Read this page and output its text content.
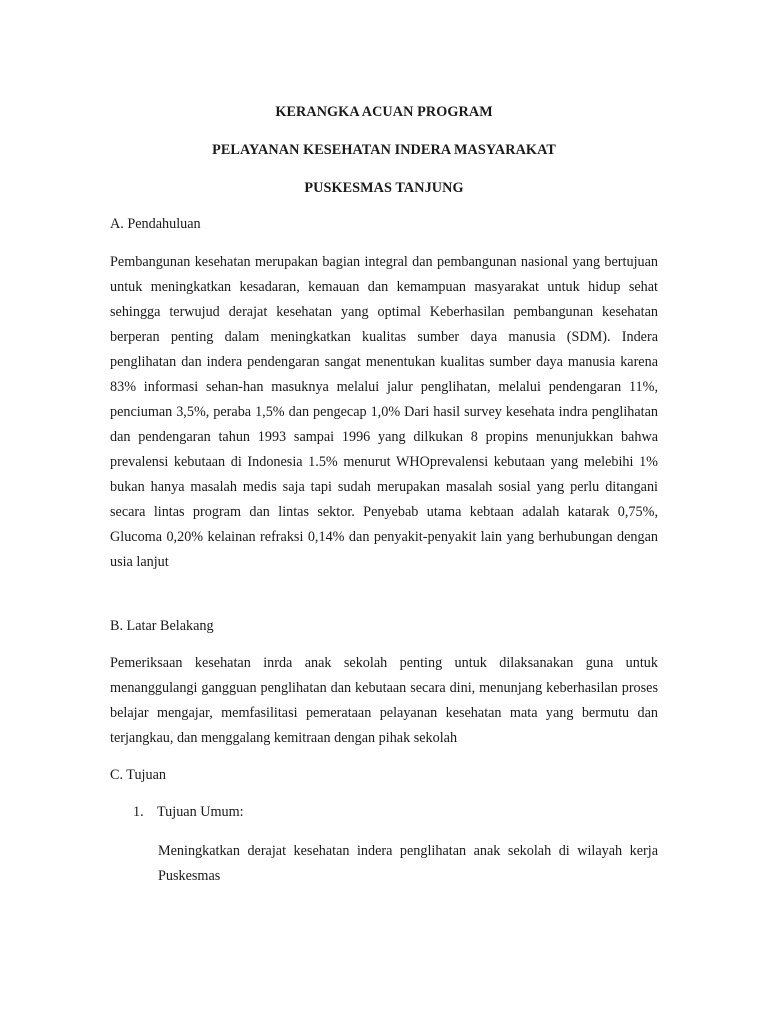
KERANGKA ACUAN PROGRAM
PELAYANAN KESEHATAN INDERA MASYARAKAT
PUSKESMAS TANJUNG
A. Pendahuluan

Pembangunan kesehatan merupakan bagian integral dan pembangunan nasional yang bertujuan untuk meningkatkan kesadaran, kemauan dan kemampuan masyarakat untuk hidup sehat sehingga terwujud derajat kesehatan yang optimal Keberhasilan pembangunan kesehatan berperan penting dalam meningkatkan kualitas sumber daya manusia (SDM). Indera penglihatan dan indera pendengaran sangat menentukan kualitas sumber daya manusia karena 83% informasi sehan-han masuknya melalui jalur penglihatan, melalui pendengaran 11%, penciuman 3,5%, peraba 1,5% dan pengecap 1,0% Dari hasil survey kesehata indra penglihatan dan pendengaran tahun 1993 sampai 1996 yang dilkukan 8 propins menunjukkan bahwa prevalensi kebutaan di Indonesia 1.5% menurut WHOprevalensi kebutaan yang melebihi 1% bukan hanya masalah medis saja tapi sudah merupakan masalah sosial yang perlu ditangani secara lintas program dan lintas sektor. Penyebab utama kebtaan adalah katarak 0,75%, Glucoma 0,20% kelainan refraksi 0,14% dan penyakit-penyakit lain yang berhubungan dengan usia lanjut

B. Latar Belakang

Pemeriksaan kesehatan inrda anak sekolah penting untuk dilaksanakan guna untuk menanggulangi gangguan penglihatan dan kebutaan secara dini, menunjang keberhasilan proses belajar mengajar, memfasilitasi pemerataan pelayanan kesehatan mata yang bermutu dan terjangkau, dan menggalang kemitraan dengan pihak sekolah

C. Tujuan
1. Tujuan Umum:

Meningkatkan derajat kesehatan indera penglihatan anak sekolah di wilayah kerja Puskesmas
